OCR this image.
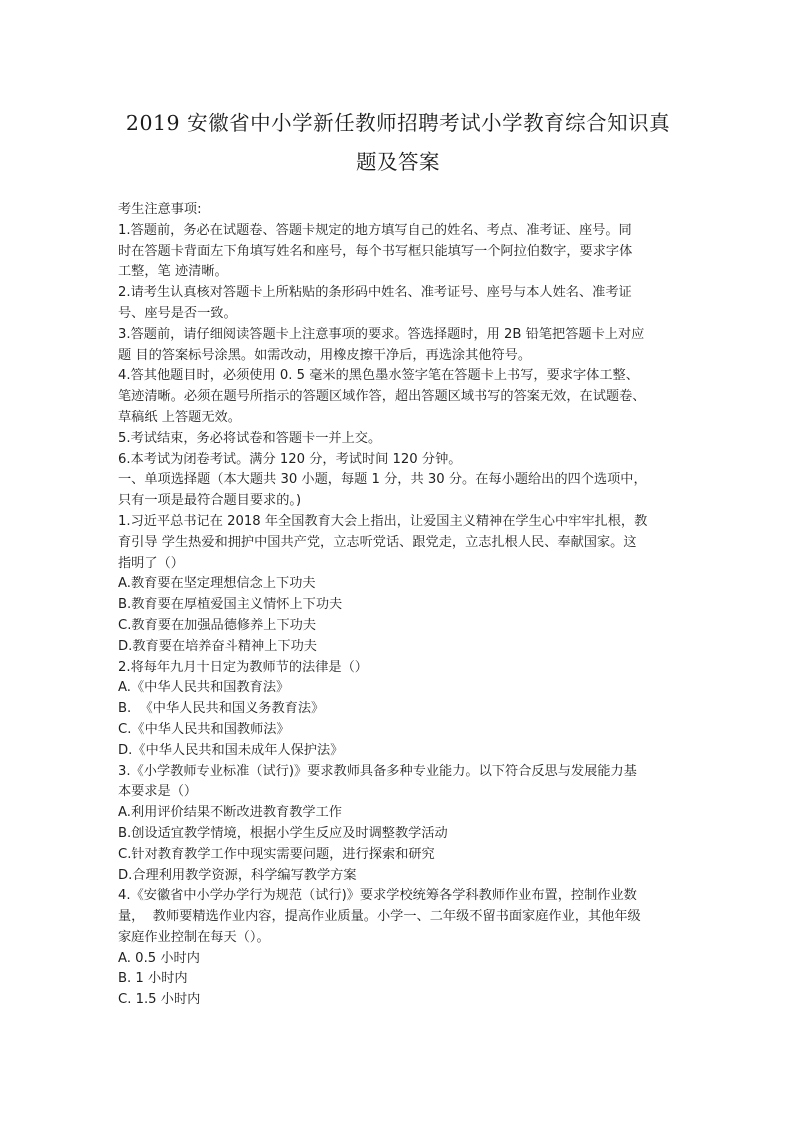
2019 安徽省中小学新任教师招聘考试小学教育综合知识真
题及答案

考生注意事项:

1.答题前，务必在试题卷、答题卡规定的地方填写自己的姓名、考点、准考证、座号。同
时在答题卡背面左下角填写姓名和座号，每个书写框只能填写一个阿拉伯数字，要求字体
工整，笔 迹清晰。

2.请考生认真核对答题卡上所粘贴的条形码中姓名、准考证号、座号与本人姓名、准考证
号、座号是否一致。

3.答题前，请仔细阅读答题卡上注意事项的要求。答选择题时，用 2B 铅笔把答题卡上对应
题 目的答案标号涂黑。如需改动，用橡皮擦干净后，再选涂其他符号。

4.答其他题目时，必须使用 0. 5 毫米的黑色墨水签字笔在答题卡上书写，要求字体工整、
笔迹清晰。必须在题号所指示的答题区域作答，超出答题区域书写的答案无效，在试题卷、
草稿纸 上答题无效。

5.考试结束，务必将试卷和答题卡一并上交。

6.本考试为闭卷考试。满分 120 分，考试时间 120 分钟。

一、单项选择题（本大题共 30 小题，每题 1 分，共 30 分。在每小题给出的四个选项中，
只有一项是最符合题目要求的。)

1.习近平总书记在 2018 年全国教育大会上指出，让爱国主义精神在学生心中牢牢扎根，教
育引导 学生热爱和拥护中国共产党，立志听党话、跟党走，立志扎根人民、奉献国家。这
指明了（）

A.教育要在坚定理想信念上下功夫

B.教育要在厚植爱国主义情怀上下功夫

C.教育要在加强品德修养上下功夫

D.教育要在培养奋斗精神上下功夫

2.将每年九月十日定为教师节的法律是（）

A.《中华人民共和国教育法》

B.  《中华人民共和国义务教育法》

C.《中华人民共和国教师法》

D.《中华人民共和国未成年人保护法》

3.《小学教师专业标准（试行)》要求教师具备多种专业能力。以下符合反思与发展能力基
本要求是（）

A.利用评价结果不断改进教育教学工作

B.创设适宜教学情境，根据小学生反应及时调整教学活动

C.针对教育教学工作中现实需要问题，进行探索和研究

D.合理利用教学资源，科学编写教学方案

4.《安徽省中小学办学行为规范（试行)》要求学校统筹各学科教师作业布置，控制作业数
量，  教师要精选作业内容，提高作业质量。小学一、二年级不留书面家庭作业，其他年级
家庭作业控制在每天（）。

A. 0.5 小时内

B. 1 小时内

C. 1.5 小时内
